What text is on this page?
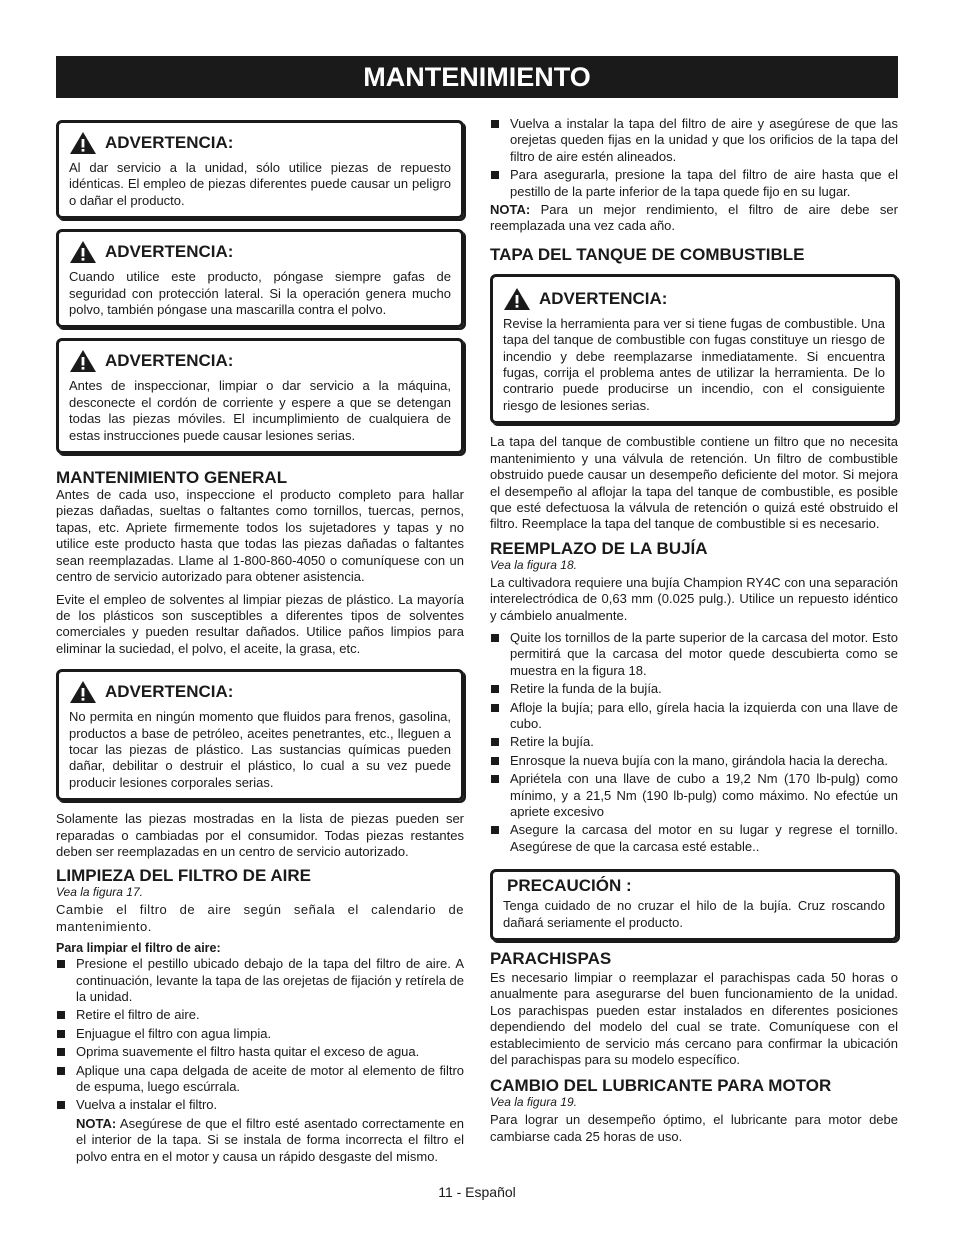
MANTENIMIENTO
ADVERTENCIA:
Al dar servicio a la unidad, sólo utilice piezas de repuesto idénticas. El empleo de piezas diferentes puede causar un peligro o dañar el producto.
ADVERTENCIA:
Cuando utilice este producto, póngase siempre gafas de seguridad con protección lateral. Si la operación genera mucho polvo, también póngase una mascarilla contra el polvo.
ADVERTENCIA:
Antes de inspeccionar, limpiar o dar servicio a la máquina, desconecte el cordón de corriente y espere a que se detengan todas las piezas móviles. El incumplimiento de cualquiera de estas instrucciones puede causar lesiones serias.
MANTENIMIENTO GENERAL

Antes de cada uso, inspeccione el producto completo para hallar piezas dañadas, sueltas o faltantes como tornillos, tuercas, pernos, tapas, etc. Apriete firmemente todos los sujetadores y tapas y no utilice este producto hasta que todas las piezas dañadas o faltantes sean reemplazadas. Llame al 1-800-860-4050 o comuníquese con un centro de servicio autorizado para obtener asistencia.

Evite el empleo de solventes al limpiar piezas de plástico. La mayoría de los plásticos son susceptibles a diferentes tipos de solventes comerciales y pueden resultar dañados. Utilice paños limpios para eliminar la suciedad, el polvo, el aceite, la grasa, etc.

ADVERTENCIA:
No permita en ningún momento que fluidos para frenos, gasolina, productos a base de petróleo, aceites penetrantes, etc., lleguen a tocar las piezas de plástico. Las sustancias químicas pueden dañar, debilitar o destruir el plástico, lo cual a su vez puede producir lesiones corporales serias.

Solamente las piezas mostradas en la lista de piezas pueden ser reparadas o cambiadas por el consumidor. Todas piezas restantes deben ser reemplazadas en un centro de servicio autorizado.

LIMPIEZA DEL FILTRO DE AIRE
Vea la figura 17.

Cambie el filtro de aire según señala el calendario de mantenimiento.

Para limpiar el filtro de aire:
Presione el pestillo ubicado debajo de la tapa del filtro de aire. A continuación, levante la tapa de las orejetas de fijación y retírela de la unidad.
Retire el filtro de aire.
Enjuague el filtro con agua limpia.
Oprima suavemente el filtro hasta quitar el exceso de agua.
Aplique una capa delgada de aceite de motor al elemento de filtro de espuma, luego escúrrala.
Vuelva a instalar el filtro.
NOTA: Asegúrese de que el filtro esté asentado correctamente en el interior de la tapa. Si se instala de forma incorrecta el filtro el polvo entra en el motor y causa un rápido desgaste del mismo.
Vuelva a instalar la tapa del filtro de aire y asegúrese de que las orejetas queden fijas en la unidad y que los orificios de la tapa del filtro de aire estén alineados.
Para asegurarla, presione la tapa del filtro de aire hasta que el pestillo de la parte inferior de la tapa quede fijo en su lugar.
NOTA: Para un mejor rendimiento, el filtro de aire debe ser reemplazada una vez cada año.
TAPA DEL TANQUE DE COMBUSTIBLE
ADVERTENCIA:
Revise la herramienta para ver si tiene fugas de combustible. Una tapa del tanque de combustible con fugas constituye un riesgo de incendio y debe reemplazarse inmediatamente. Si encuentra fugas, corrija el problema antes de utilizar la herramienta. De lo contrario puede producirse un incendio, con el consiguiente riesgo de lesiones serias.

La tapa del tanque de combustible contiene un filtro que no necesita mantenimiento y una válvula de retención. Un filtro de combustible obstruido puede causar un desempeño deficiente del motor. Si mejora el desempeño al aflojar la tapa del tanque de combustible, es posible que esté defectuosa la válvula de retención o quizá esté obstruido el filtro. Reemplace la tapa del tanque de combustible si es necesario.

REEMPLAZO DE LA BUJÍA
Vea la figura 18.

La cultivadora requiere una bujía Champion RY4C con una separación interelectródica de 0,63 mm (0.025 pulg.). Utilice un repuesto idéntico y cámbielo anualmente.

Quite los tornillos de la parte superior de la carcasa del motor. Esto permitirá que la carcasa del motor quede descubierta como se muestra en la figura 18.
Retire la funda de la bujía.
Afloje la bujía; para ello, gírela hacia la izquierda con una llave de cubo.
Retire la bujía.
Enrosque la nueva bujía con la mano, girándola hacia la derecha.
Apriétela con una llave de cubo a 19,2 Nm (170 lb-pulg) como mínimo, y a 21,5 Nm (190 lb-pulg) como máximo. No efectúe un apriete excesivo
Asegure la carcasa del motor en su lugar y regrese el tornillo. Asegúrese de que la carcasa esté estable..
PRECAUCIÓN :
Tenga cuidado de no cruzar el hilo de la bujía. Cruz roscando dañará seriamente el producto.
PARACHISPAS

Es necesario limpiar o reemplazar el parachispas cada 50 horas o anualmente para asegurarse del buen funcionamiento de la unidad. Los parachispas pueden estar instalados en diferentes posiciones dependiendo del modelo del cual se trate. Comuníquese con el establecimiento de servicio más cercano para confirmar la ubicación del parachispas para su modelo específico.

CAMBIO DEL LUBRICANTE PARA MOTOR
Vea la figura 19.

Para lograr un desempeño óptimo, el lubricante para motor debe cambiarse cada 25 horas de uso.

11 - Español
